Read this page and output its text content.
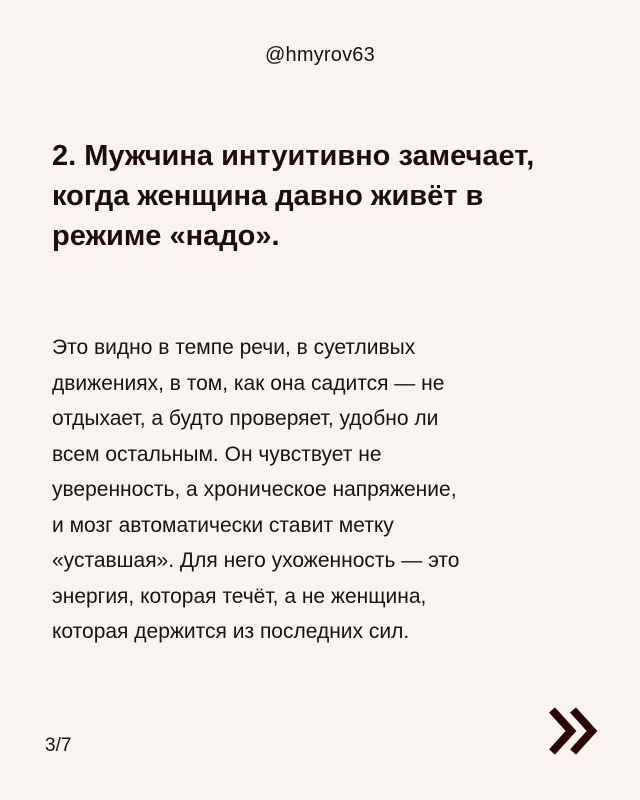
@hmyrov63
2. Мужчина интуитивно замечает, когда женщина давно живёт в режиме «надо».

Это видно в темпе речи, в суетливых
движениях, в том, как она садится — не
отдыхает, а будто проверяет, удобно ли
всем остальным. Он чувствует не
уверенность, а хроническое напряжение,
и мозг автоматически ставит метку
«уставшая». Для него ухоженность — это
энергия, которая течёт, а не женщина,
которая держится из последних сил.

3/7
